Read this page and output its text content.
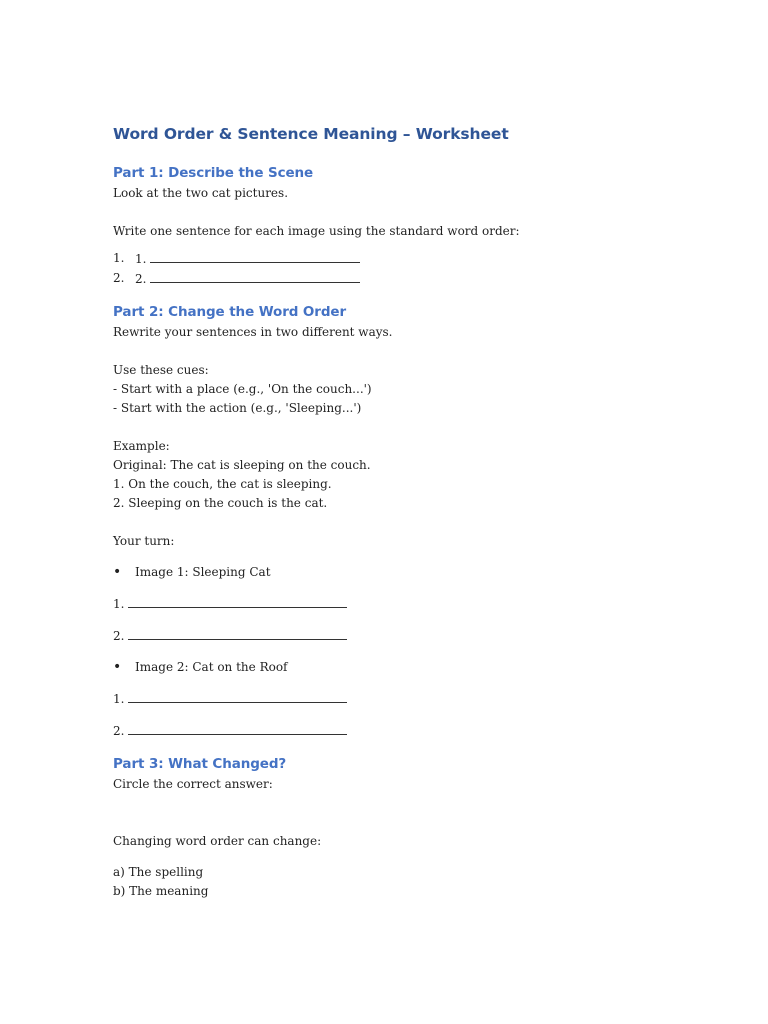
Word Order & Sentence Meaning – Worksheet
Part 1: Describe the Scene

Look at the two cat pictures.

Write one sentence for each image using the standard word order:

1. 1.
2. 2.
Part 2: Change the Word Order

Rewrite your sentences in two different ways.

Use these cues:

- Start with a place (e.g., 'On the couch...')

- Start with the action (e.g., 'Sleeping...')

Example:

Original: The cat is sleeping on the couch.

1. On the couch, the cat is sleeping.

2. Sleeping on the couch is the cat.

Your turn:

•	Image 1: Sleeping Cat

1.

2.

•	Image 2: Cat on the Roof

1.

2.

Part 3: What Changed?

Circle the correct answer:

Changing word order can change:

a) The spelling

b) The meaning
